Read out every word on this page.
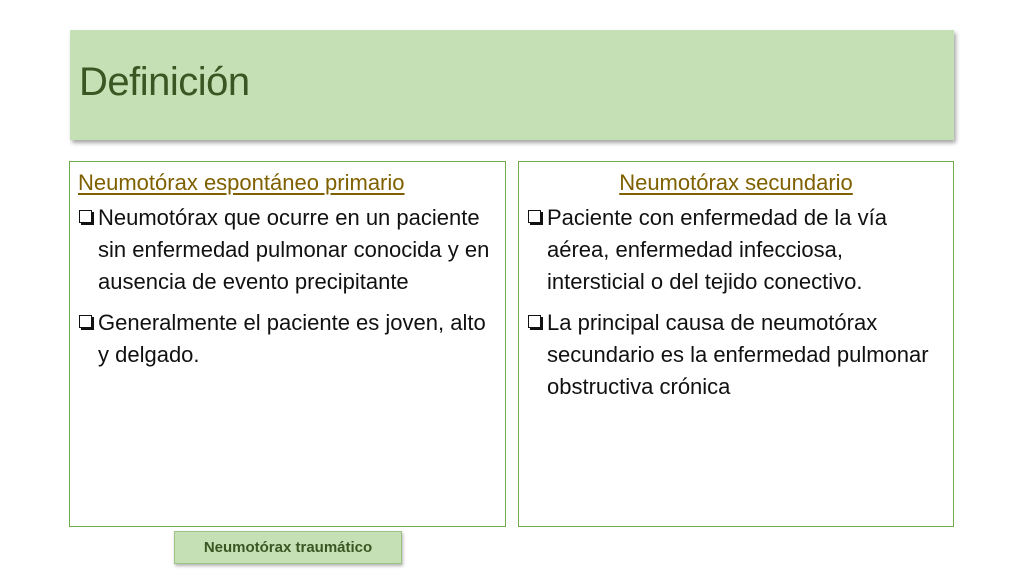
Definición
Neumotórax espontáneo primario
Neumotórax que ocurre en un paciente sin enfermedad pulmonar conocida y en ausencia de evento precipitante
Generalmente el paciente es joven, alto y delgado.
Neumotórax secundario
Paciente con enfermedad de la vía aérea, enfermedad infecciosa, intersticial o del tejido conectivo.
La principal causa de neumotórax secundario es la enfermedad pulmonar obstructiva crónica
Neumotórax traumático
